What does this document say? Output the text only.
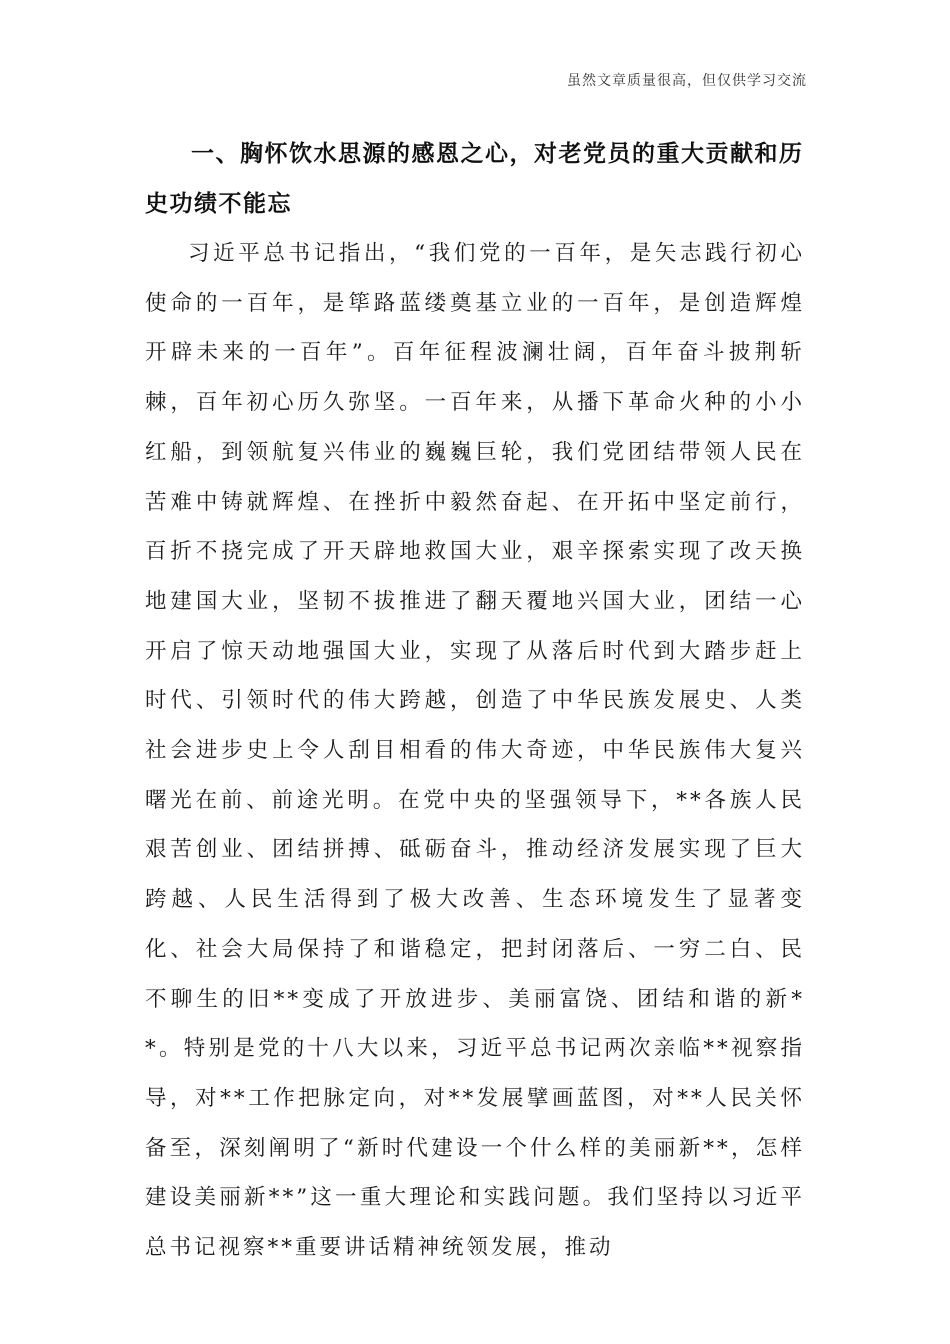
虽然文章质量很高，但仅供学习交流
一、胸怀饮水思源的感恩之心，对老党员的重大贡献和历史功绩不能忘

习近平总书记指出，“我们党的一百年，是矢志践行初心使命的一百年，是筚路蓝缕奠基立业的一百年，是创造辉煌开辟未来的一百年”。百年征程波澜壮阔，百年奋斗披荆斩棘，百年初心历久弥坚。一百年来，从播下革命火种的小小红船，到领航复兴伟业的巍巍巨轮，我们党团结带领人民在苦难中铸就辉煌、在挫折中毅然奋起、在开拓中坚定前行，百折不挠完成了开天辟地救国大业，艰辛探索实现了改天换地建国大业，坚韧不拔推进了翻天覆地兴国大业，团结一心开启了惊天动地强国大业，实现了从落后时代到大踏步赶上时代、引领时代的伟大跨越，创造了中华民族发展史、人类社会进步史上令人刮目相看的伟大奇迹，中华民族伟大复兴曙光在前、前途光明。在党中央的坚强领导下，**各族人民艰苦创业、团结拼搏、砥砺奋斗，推动经济发展实现了巨大跨越、人民生活得到了极大改善、生态环境发生了显著变化、社会大局保持了和谐稳定，把封闭落后、一穷二白、民不聊生的旧**变成了开放进步、美丽富饶、团结和谐的新**。特别是党的十八大以来，习近平总书记两次亲临**视察指导，对**工作把脉定向，对**发展擘画蓝图，对**人民关怀备至，深刻阐明了“新时代建设一个什么样的美丽新**，怎样建设美丽新**”这一重大理论和实践问题。我们坚持以习近平总书记视察**重要讲话精神统领发展，推动
